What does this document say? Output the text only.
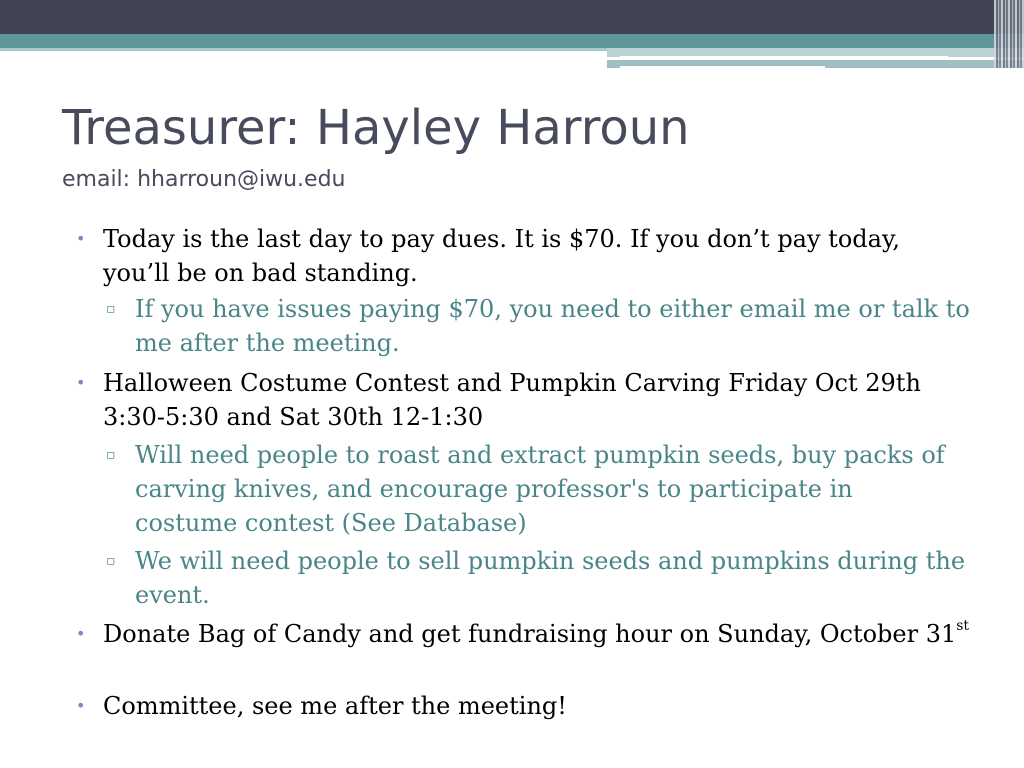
Treasurer: Hayley Harroun
email: hharroun@iwu.edu
• Today is the last day to pay dues. It is $70. If you don’t pay today, you’ll be on bad standing.
▫ If you have issues paying $70, you need to either email me or talk to me after the meeting.
• Halloween Costume Contest and Pumpkin Carving Friday Oct 29th 3:30-5:30 and Sat 30th 12-1:30
▫ Will need people to roast and extract pumpkin seeds, buy packs of carving knives, and encourage professor's to participate in costume contest (See Database)
▫ We will need people to sell pumpkin seeds and pumpkins during the event.
• Donate Bag of Candy and get fundraising hour on Sunday, October 31st
• Committee, see me after the meeting!
